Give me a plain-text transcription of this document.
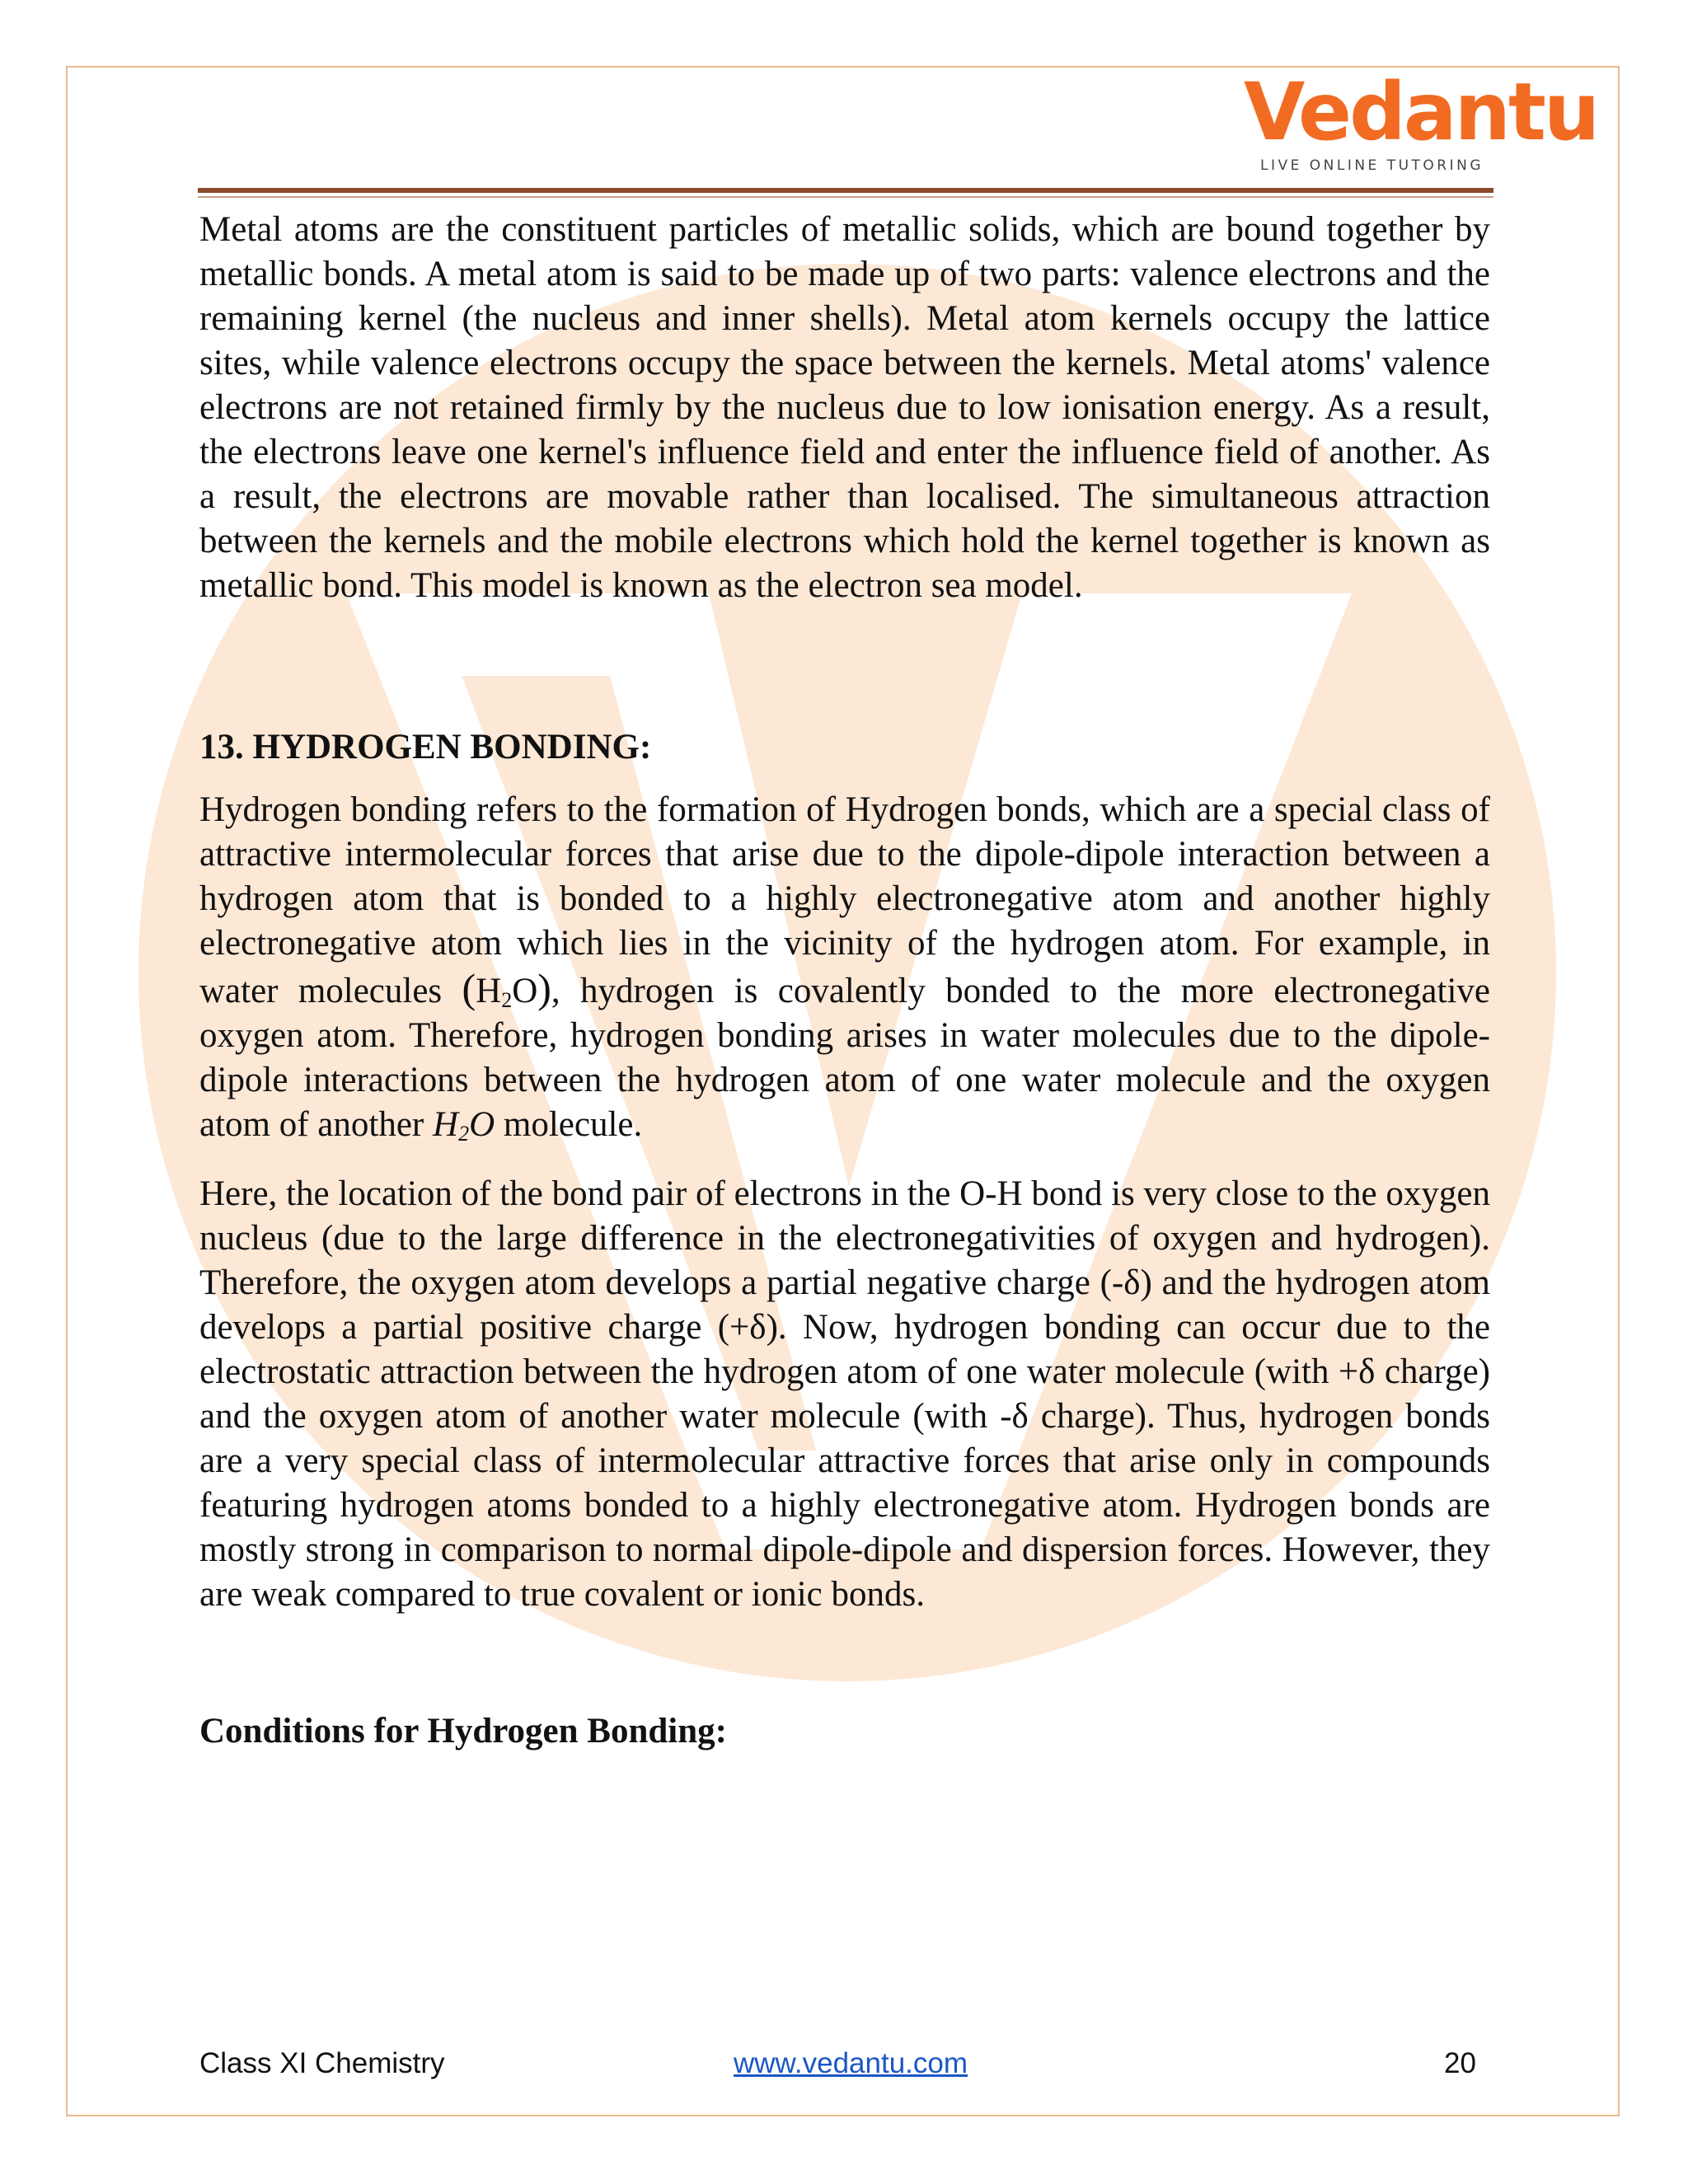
Vedantu
LIVE ONLINE TUTORING

Metal atoms are the constituent particles of metallic solids, which are bound together by metallic bonds. A metal atom is said to be made up of two parts: valence electrons and the remaining kernel (the nucleus and inner shells). Metal atom kernels occupy the lattice sites, while valence electrons occupy the space between the kernels. Metal atoms' valence electrons are not retained firmly by the nucleus due to low ionisation energy. As a result, the electrons leave one kernel's influence field and enter the influence field of another. As a result, the electrons are movable rather than localised. The simultaneous attraction between the kernels and the mobile electrons which hold the kernel together is known as metallic bond. This model is known as the electron sea model.

13. HYDROGEN BONDING:

Hydrogen bonding refers to the formation of Hydrogen bonds, which are a special class of attractive intermolecular forces that arise due to the dipole-dipole interaction between a hydrogen atom that is bonded to a highly electronegative atom and another highly electronegative atom which lies in the vicinity of the hydrogen atom. For example, in water molecules $(H_2O)$, hydrogen is covalently bonded to the more electronegative oxygen atom. Therefore, hydrogen bonding arises in water molecules due to the dipole-dipole interactions between the hydrogen atom of one water molecule and the oxygen atom of another $H_2O$ molecule.

Here, the location of the bond pair of electrons in the O-H bond is very close to the oxygen nucleus (due to the large difference in the electronegativities of oxygen and hydrogen). Therefore, the oxygen atom develops a partial negative charge (-δ) and the hydrogen atom develops a partial positive charge (+δ). Now, hydrogen bonding can occur due to the electrostatic attraction between the hydrogen atom of one water molecule (with +δ charge) and the oxygen atom of another water molecule (with -δ charge). Thus, hydrogen bonds are a very special class of intermolecular attractive forces that arise only in compounds featuring hydrogen atoms bonded to a highly electronegative atom. Hydrogen bonds are mostly strong in comparison to normal dipole-dipole and dispersion forces. However, they are weak compared to true covalent or ionic bonds.

Conditions for Hydrogen Bonding:

Class XI Chemistry	www.vedantu.com	20
